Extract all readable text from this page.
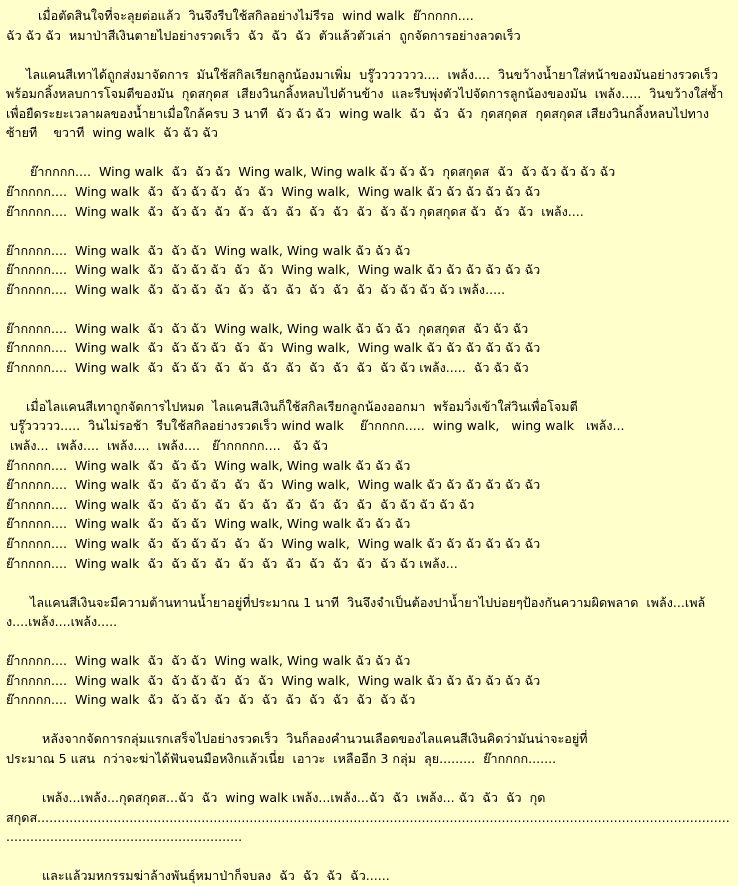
เมื่อตัดสินใจที่จะลุยต่อแล้ว  วินจึงรีบใช้สกิลอย่างไม่รีรอ  wind walk  ย๊ากกกก....
ฉัว ฉัว ฉัว  หมาป่าสีเงินตายไปอย่างรวดเร็ว  ฉัว  ฉัว  ฉัว  ตัวแล้วตัวเล่า  ถูกจัดการอย่างลวดเร็ว

ไลแคนสีเทาได้ถูกส่งมาจัดการ  มันใช้สกิลเรียกลูกน้องมาเพิ่ม  บรู๊ววววววว....  เพล้ง....  วินขว้างน้ำยาใส่หน้าของมันอย่างรวดเร็ว  พร้อมกลิ้งหลบการโจมตีของมัน  กุดสกุดส  เสียงวินกลิ้งหลบไปด้านข้าง  และรีบพุ่งตัวไปจัดการลูกน้องของมัน  เพล้ง.....  วินขว้างใส่ซ้ำเพื่อยืดระยะเวลาผลของน้ำยาเมื่อใกล้ครบ 3 นาที  ฉัว ฉัว ฉัว  wing walk  ฉัว  ฉัว  ฉัว  กุดสกุดส  กุดสกุดส เสียงวินกลิ้งหลบไปทางซ้ายที    ขวาที  wing walk  ฉัว ฉัว ฉัว

ย๊ากกกก....  Wing walk  ฉัว  ฉัว ฉัว  Wing walk, Wing walk ฉัว ฉัว ฉัว  กุดสกุดส  ฉัว  ฉัว ฉัว ฉัว ฉัว ฉัว
ย๊ากกกก....  Wing walk  ฉัว  ฉัว ฉัว ฉัว  ฉัว  ฉัว  Wing walk,  Wing walk ฉัว ฉัว ฉัว ฉัว ฉัว ฉัว
ย๊ากกกก....  Wing walk  ฉัว  ฉัว ฉัว  ฉัว  ฉัว  ฉัว  ฉัว  ฉัว  ฉัว  ฉัว  ฉัว ฉัว กุดสกุดส ฉัว  ฉัว  ฉัว  เพล้ง....

ย๊ากกกก....  Wing walk  ฉัว  ฉัว ฉัว  Wing walk, Wing walk ฉัว ฉัว ฉัว
ย๊ากกกก....  Wing walk  ฉัว  ฉัว ฉัว ฉัว  ฉัว  ฉัว  Wing walk,  Wing walk ฉัว ฉัว ฉัว ฉัว ฉัว ฉัว
ย๊ากกกก....  Wing walk  ฉัว  ฉัว ฉัว  ฉัว  ฉัว  ฉัว  ฉัว  ฉัว  ฉัว  ฉัว  ฉัว ฉัว ฉัว ฉัว เพล้ง.....

ย๊ากกกก....  Wing walk  ฉัว  ฉัว ฉัว  Wing walk, Wing walk ฉัว ฉัว ฉัว  กุดสกุดส  ฉัว ฉัว ฉัว
ย๊ากกกก....  Wing walk  ฉัว  ฉัว ฉัว ฉัว  ฉัว  ฉัว  Wing walk,  Wing walk ฉัว ฉัว ฉัว ฉัว ฉัว ฉัว
ย๊ากกกก....  Wing walk  ฉัว  ฉัว ฉัว  ฉัว  ฉัว  ฉัว  ฉัว  ฉัว  ฉัว  ฉัว  ฉัว ฉัว เพล้ง.....  ฉัว ฉัว ฉัว

เมื่อไลแคนสีเทาถูกจัดการไปหมด  ไลแคนสีเงินก็ใช้สกิลเรียกลูกน้องออกมา  พร้อมวิ่งเข้าใส่วินเพื่อโจมตี
บรู๊ววววว.....  วินไม่รอช้า  รีบใช้สกิลอย่างรวดเร็ว wind walk    ย๊ากกกก.....  wing walk,   wing walk   เพล้ง...
เพล้ง...  เพล้ง....  เพล้ง....  เพล้ง....   ย๊ากกกกก....   ฉัว ฉัว
ย๊ากกกก....  Wing walk  ฉัว  ฉัว ฉัว  Wing walk, Wing walk ฉัว ฉัว ฉัว
ย๊ากกกก....  Wing walk  ฉัว  ฉัว ฉัว ฉัว  ฉัว  ฉัว  Wing walk,  Wing walk ฉัว ฉัว ฉัว ฉัว ฉัว ฉัว
ย๊ากกกก....  Wing walk  ฉัว  ฉัว ฉัว  ฉัว  ฉัว  ฉัว  ฉัว  ฉัว  ฉัว  ฉัว  ฉัว ฉัว ฉัว ฉัว ฉัว
ย๊ากกกก....  Wing walk  ฉัว  ฉัว ฉัว  Wing walk, Wing walk ฉัว ฉัว ฉัว
ย๊ากกกก....  Wing walk  ฉัว  ฉัว ฉัว ฉัว  ฉัว  ฉัว  Wing walk,  Wing walk ฉัว ฉัว ฉัว ฉัว ฉัว ฉัว
ย๊ากกกก....  Wing walk  ฉัว  ฉัว ฉัว  ฉัว  ฉัว  ฉัว  ฉัว  ฉัว  ฉัว  ฉัว  ฉัว ฉัว เพล้ง...

ไลแคนสีเงินจะมีความต้านทานน้ำยาอยู่ที่ประมาณ 1 นาที  วินจึงจำเป็นต้องปาน้ำยาไปบ่อยๆป้องกันความผิดพลาด  เพล้ง...เพล้ง....เพล้ง....เพล้ง.....

ย๊ากกกก....  Wing walk  ฉัว  ฉัว ฉัว  Wing walk, Wing walk ฉัว ฉัว ฉัว
ย๊ากกกก....  Wing walk  ฉัว  ฉัว ฉัว ฉัว  ฉัว  ฉัว  Wing walk,  Wing walk ฉัว ฉัว ฉัว ฉัว ฉัว ฉัว
ย๊ากกกก....  Wing walk  ฉัว  ฉัว ฉัว  ฉัว  ฉัว  ฉัว  ฉัว  ฉัว  ฉัว  ฉัว  ฉัว ฉัว

หลังจากจัดการกลุ่มแรกเสร็จไปอย่างรวดเร็ว  วินก็ลองคำนวนเลือดของไลแคนสีเงินคิดว่ามันน่าจะอยู่ที่
ประมาณ 5 แสน  กว่าจะฆ่าได้ฟันจนมือหงิกแล้วเนี่ย  เอาวะ  เหลืออีก 3 กลุ่ม  ลุย.........  ย๊ากกกก.......

เพล้ง...เพล้ง...กุดสกุดส...ฉัว  ฉัว  wing walk เพล้ง...เพล้ง...ฉัว  ฉัว  เพล้ง... ฉัว  ฉัว  ฉัว  กุดสกุดส........................................................................................................................................................................................................................................

และแล้วมหกรรมฆ่าล้างพันธุ์หมาป่าก็จบลง  ฉัว  ฉัว  ฉัว  ฉัว......
